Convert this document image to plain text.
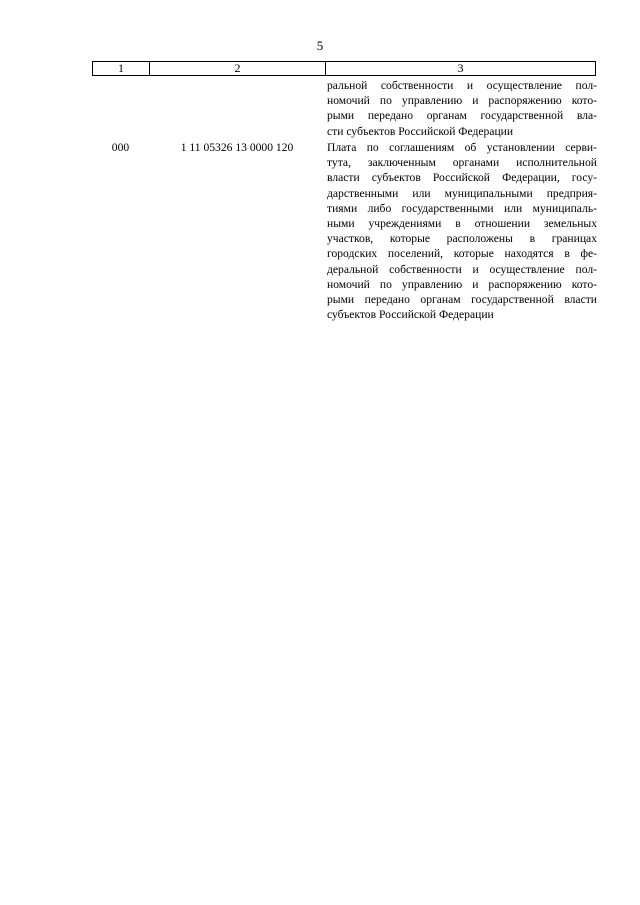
5
1	2	3
ральной собственности и осуществление пол-
номочий по управлению и распоряжению кото-
рыми передано органам государственной вла-
сти субъектов Российской Федерации
000	1 11 05326 13 0000 120	Плата по соглашениям об установлении серви-
тута, заключенным органами исполнительной
власти субъектов Российской Федерации, госу-
дарственными или муниципальными предприя-
тиями либо государственными или муниципаль-
ными учреждениями в отношении земельных
участков, которые расположены в границах
городских поселений, которые находятся в фе-
деральной собственности и осуществление пол-
номочий по управлению и распоряжению кото-
рыми передано органам государственной власти
субъектов Российской Федерации
